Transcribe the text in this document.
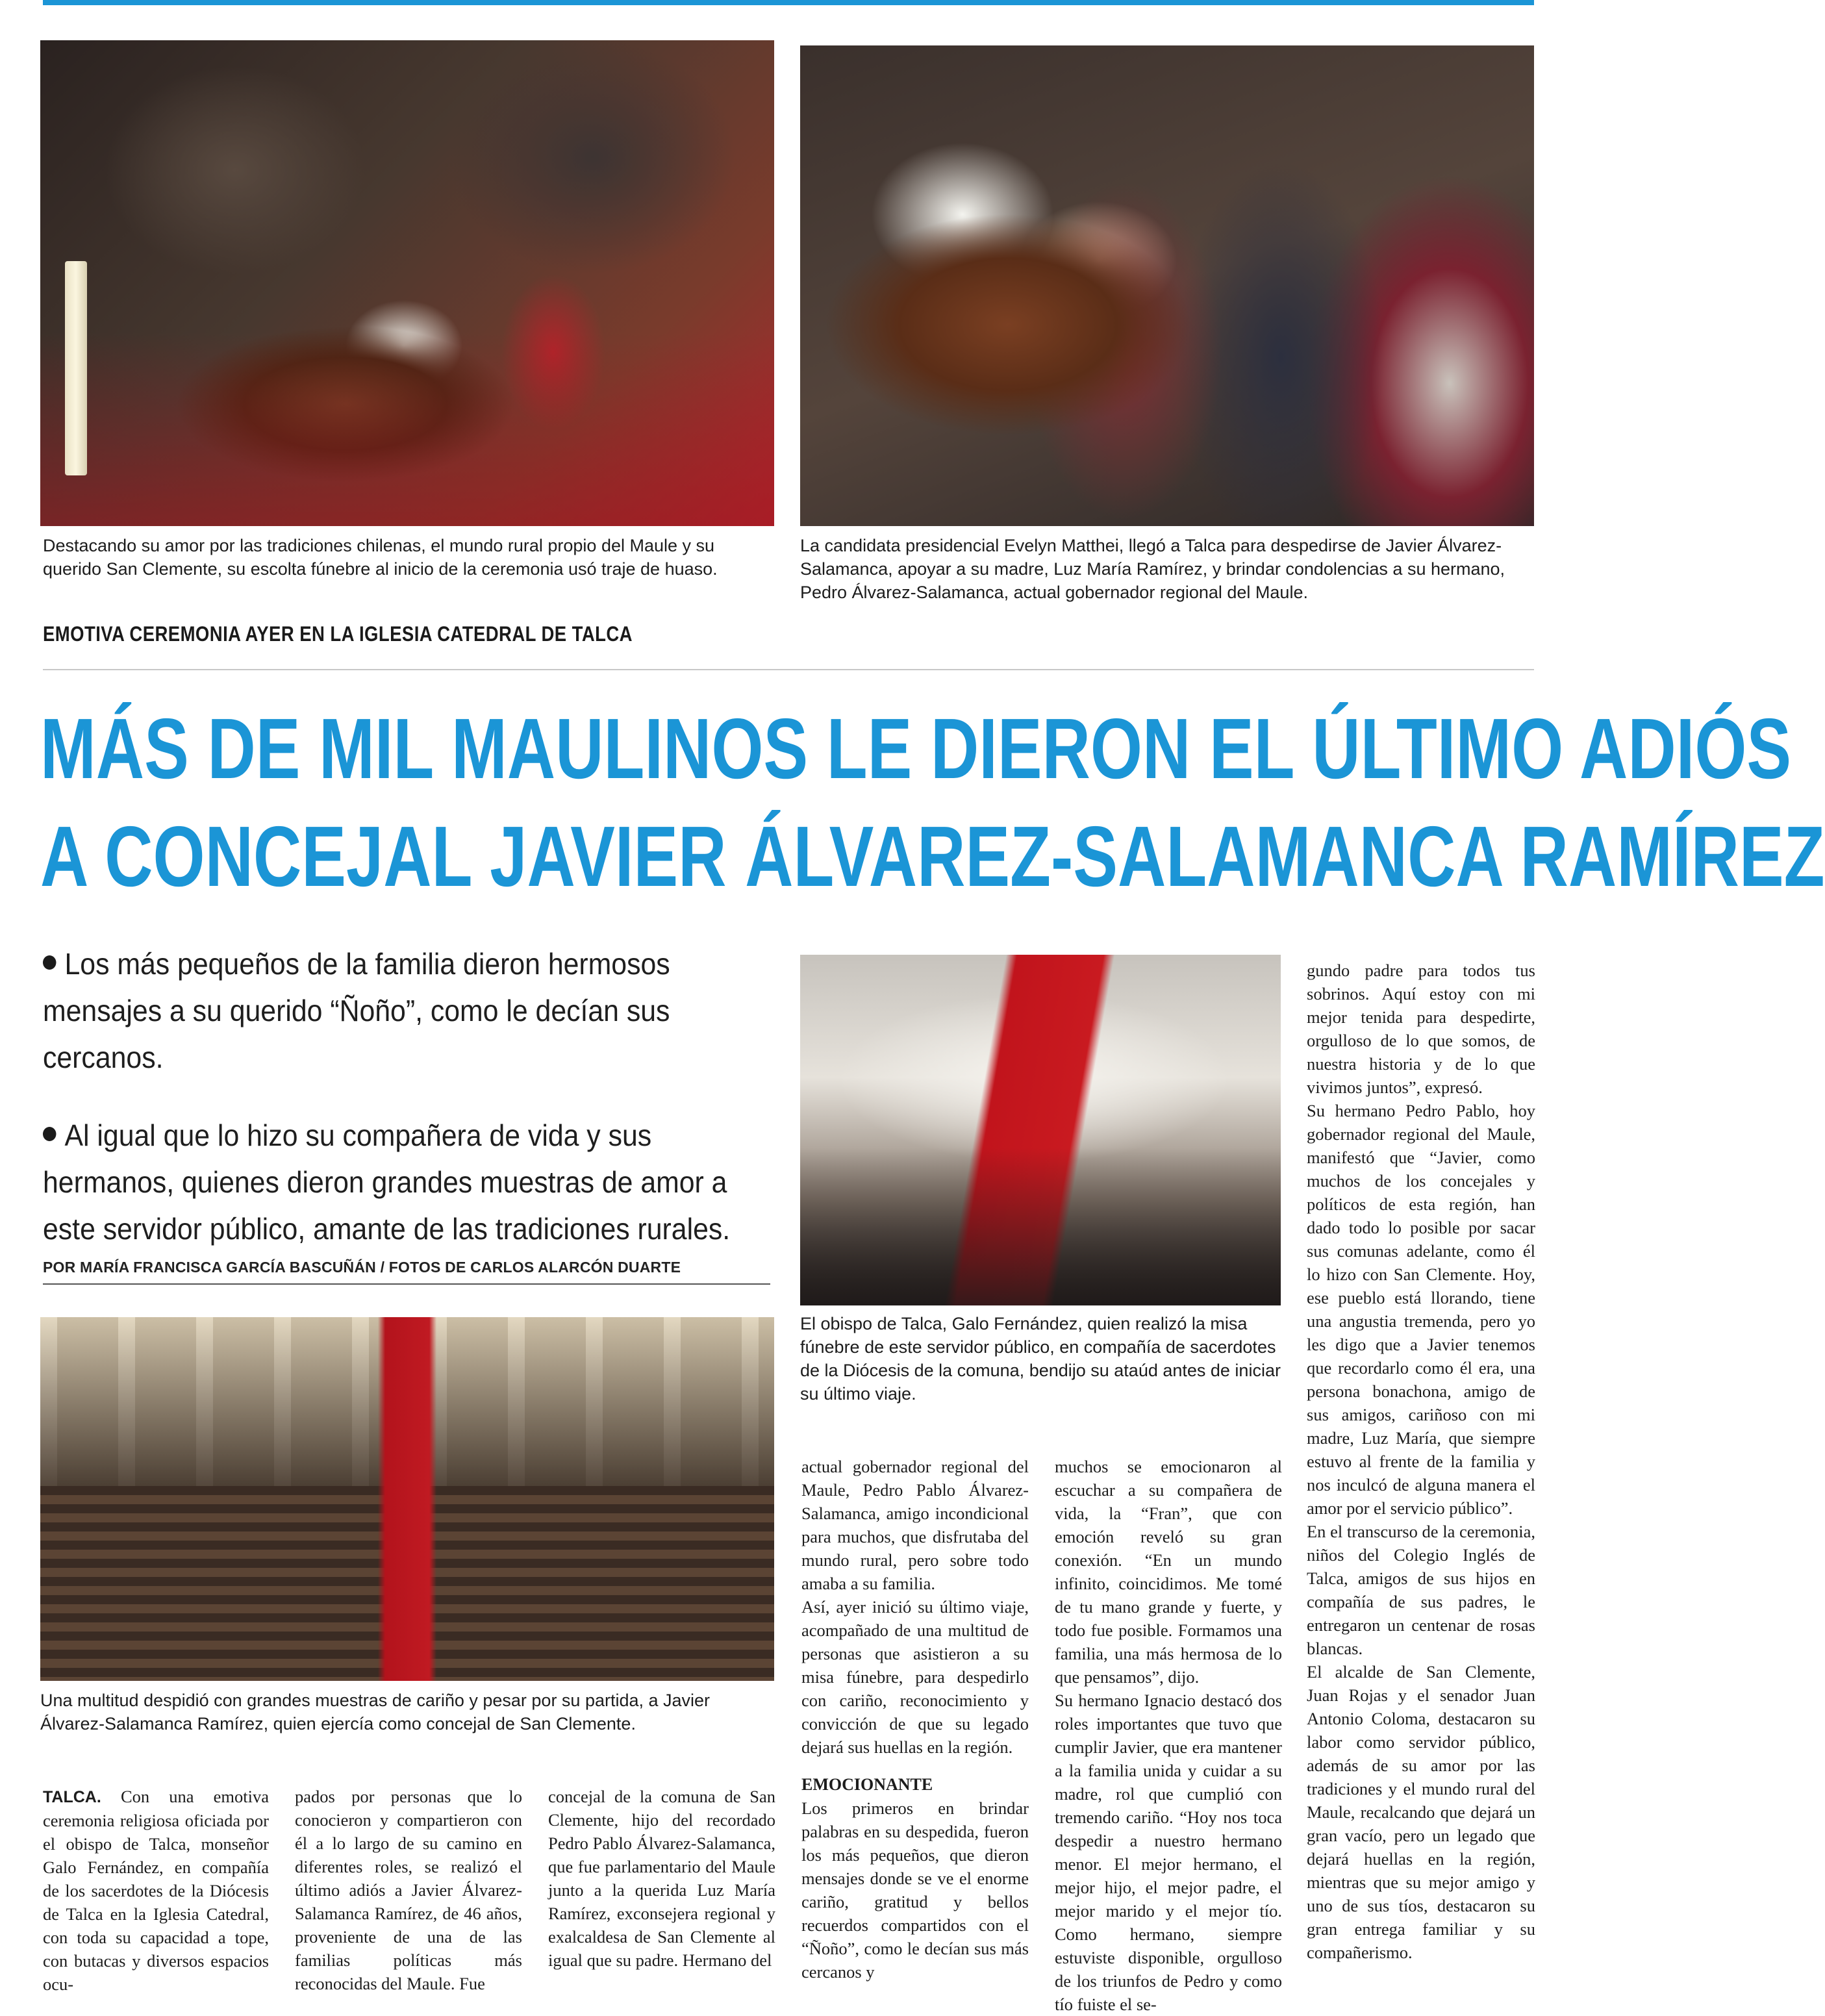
Destacando su amor por las tradiciones chilenas, el mundo rural propio del Maule y su querido San Clemente, su escolta fúnebre al inicio de la ceremonia usó traje de huaso.
La candidata presidencial Evelyn Matthei, llegó a Talca para despedirse de Javier Álvarez-Salamanca, apoyar a su madre, Luz María Ramírez, y brindar condolencias a su hermano, Pedro Álvarez-Salamanca, actual gobernador regional del Maule.
EMOTIVA CEREMONIA AYER EN LA IGLESIA CATEDRAL DE TALCA
MÁS DE MIL MAULINOS LE DIERON EL ÚLTIMO ADIÓS
A CONCEJAL JAVIER ÁLVAREZ-SALAMANCA RAMÍREZ

Los más pequeños de la familia dieron hermosos mensajes a su querido “Ñoño”, como le decían sus cercanos.

Al igual que lo hizo su compañera de vida y sus hermanos, quienes dieron grandes muestras de amor a este servidor público, amante de las tradiciones rurales.

POR MARÍA FRANCISCA GARCÍA BASCUÑÁN / FOTOS DE CARLOS ALARCÓN DUARTE
El obispo de Talca, Galo Fernández, quien realizó la misa fúnebre de este servidor público, en compañía de sacerdotes de la Diócesis de la comuna, bendijo su ataúd antes de iniciar su último viaje.
Una multitud despidió con grandes muestras de cariño y pesar por su partida, a Javier Álvarez-Salamanca Ramírez, quien ejercía como concejal de San Clemente.

TALCA. Con una emotiva ceremonia religiosa oficiada por el obispo de Talca, monseñor Galo Fernández, en compañía de los sacerdotes de la Diócesis de Talca en la Iglesia Catedral, con toda su capacidad a tope, con butacas y diversos espacios ocu-

pados por personas que lo conocieron y compartieron con él a lo largo de su camino en diferentes roles, se realizó el último adiós a Javier Álvarez-Salamanca Ramírez, de 46 años, proveniente de una de las familias políticas más reconocidas del Maule. Fue

concejal de la comuna de San Clemente, hijo del recordado Pedro Pablo Álvarez-Salamanca, que fue parlamentario del Maule junto a la querida Luz María Ramírez, exconsejera regional y exalcaldesa de San Clemente al igual que su padre. Hermano del

actual gobernador regional del Maule, Pedro Pablo Álvarez-Salamanca, amigo incondicional para muchos, que disfrutaba del mundo rural, pero sobre todo amaba a su familia.

Así, ayer inició su último viaje, acompañado de una multitud de personas que asistieron a su misa fúnebre, para despedirlo con cariño, reconocimiento y convicción de que su legado dejará sus huellas en la región.

EMOCIONANTE

Los primeros en brindar palabras en su despedida, fueron los más pequeños, que dieron mensajes donde se ve el enorme cariño, gratitud y bellos recuerdos compartidos con el “Ñoño”, como le decían sus más cercanos y

muchos se emocionaron al escuchar a su compañera de vida, la “Fran”, que con emoción reveló su gran conexión. “En un mundo infinito, coincidimos. Me tomé de tu mano grande y fuerte, y todo fue posible. Formamos una familia, una más hermosa de lo que pensamos”, dijo.

Su hermano Ignacio destacó dos roles importantes que tuvo que cumplir Javier, que era mantener a la familia unida y cuidar a su madre, rol que cumplió con tremendo cariño. “Hoy nos toca despedir a nuestro hermano menor. El mejor hermano, el mejor hijo, el mejor padre, el mejor marido y el mejor tío. Como hermano, siempre estuviste disponible, orgulloso de los triunfos de Pedro y como tío fuiste el se-

gundo padre para todos tus sobrinos. Aquí estoy con mi mejor tenida para despedirte, orgulloso de lo que somos, de nuestra historia y de lo que vivimos juntos”, expresó.

Su hermano Pedro Pablo, hoy gobernador regional del Maule, manifestó que “Javier, como muchos de los concejales y políticos de esta región, han dado todo lo posible por sacar sus comunas adelante, como él lo hizo con San Clemente. Hoy, ese pueblo está llorando, tiene una angustia tremenda, pero yo les digo que a Javier tenemos que recordarlo como él era, una persona bonachona, amigo de sus amigos, cariñoso con mi madre, Luz María, que siempre estuvo al frente de la familia y nos inculcó de alguna manera el amor por el servicio público”.

En el transcurso de la ceremonia, niños del Colegio Inglés de Talca, amigos de sus hijos en compañía de sus padres, le entregaron un centenar de rosas blancas.

El alcalde de San Clemente, Juan Rojas y el senador Juan Antonio Coloma, destacaron su labor como servidor público, además de su amor por las tradiciones y el mundo rural del Maule, recalcando que dejará un gran vacío, pero un legado que dejará huellas en la región, mientras que su mejor amigo y uno de sus tíos, destacaron su gran entrega familiar y su compañerismo.
